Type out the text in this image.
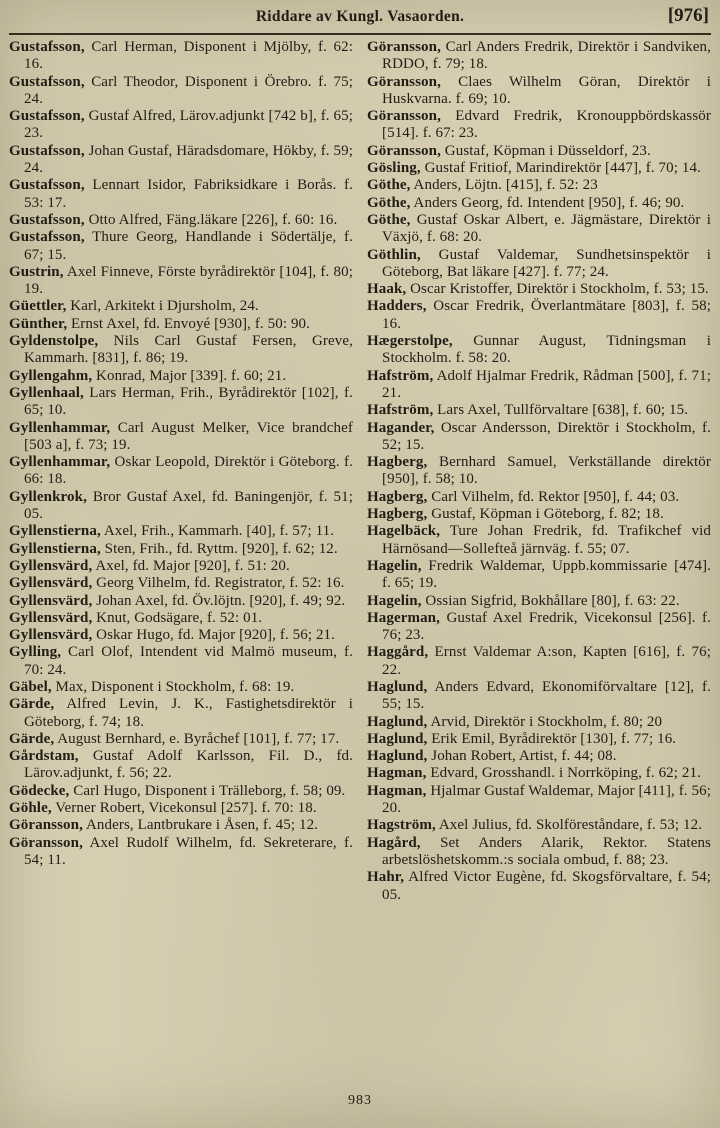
Riddare av Kungl. Vasaorden.	[976]
Gustafsson, Carl Herman, Disponent i Mjölby, f. 62: 16.
Gustafsson, Carl Theodor, Disponent i Örebro. f. 75; 24.
Gustafsson, Gustaf Alfred, Lärov.adjunkt [742 b], f. 65; 23.
Gustafsson, Johan Gustaf, Häradsdomare, Hökby, f. 59; 24.
Gustafsson, Lennart Isidor, Fabriksidkare i Borås. f. 53: 17.
Gustafsson, Otto Alfred, Fäng.läkare [226], f. 60: 16.
Gustafsson, Thure Georg, Handlande i Södertälje, f. 67; 15.
Gustrin, Axel Finneve, Förste byrådirektör [104], f. 80; 19.
Güettler, Karl, Arkitekt i Djursholm, 24.
Günther, Ernst Axel, fd. Envoyé [930], f. 50: 90.
Gyldenstolpe, Nils Carl Gustaf Fersen, Greve, Kammarh. [831], f. 86; 19.
Gyllengahm, Konrad, Major [339]. f. 60; 21.
Gyllenhaal, Lars Herman, Frih., Byrådirektör [102], f. 65; 10.
Gyllenhammar, Carl August Melker, Vice brandchef [503 a], f. 73; 19.
Gyllenhammar, Oskar Leopold, Direktör i Göteborg. f. 66: 18.
Gyllenkrok, Bror Gustaf Axel, fd. Baningenjör, f. 51; 05.
Gyllenstierna, Axel, Frih., Kammarh. [40], f. 57; 11.
Gyllenstierna, Sten, Frih., fd. Ryttm. [920], f. 62; 12.
Gyllensvärd, Axel, fd. Major [920], f. 51: 20.
Gyllensvärd, Georg Vilhelm, fd. Registrator, f. 52: 16.
Gyllensvärd, Johan Axel, fd. Öv.löjtn. [920], f. 49; 92.
Gyllensvärd, Knut, Godsägare, f. 52: 01.
Gyllensvärd, Oskar Hugo, fd. Major [920], f. 56; 21.
Gylling, Carl Olof, Intendent vid Malmö museum, f. 70: 24.
Gäbel, Max, Disponent i Stockholm, f. 68: 19.
Gärde, Alfred Levin, J. K., Fastighetsdirektör i Göteborg, f. 74; 18.
Gärde, August Bernhard, e. Byråchef [101], f. 77; 17.
Gårdstam, Gustaf Adolf Karlsson, Fil. D., fd. Lärov.adjunkt, f. 56; 22.
Gödecke, Carl Hugo, Disponent i Trälleborg, f. 58; 09.
Göhle, Verner Robert, Vicekonsul [257]. f. 70: 18.
Göransson, Anders, Lantbrukare i Åsen, f. 45; 12.
Göransson, Axel Rudolf Wilhelm, fd. Sekreterare, f. 54; 11.
Göransson, Carl Anders Fredrik, Direktör i Sandviken, RDDO, f. 79; 18.
Göransson, Claes Wilhelm Göran, Direktör i Huskvarna. f. 69; 10.
Göransson, Edvard Fredrik, Kronouppbördskassör [514]. f. 67: 23.
Göransson, Gustaf, Köpman i Düsseldorf, 23.
Gösling, Gustaf Fritiof, Marindirektör [447], f. 70; 14.
Göthe, Anders, Löjtn. [415], f. 52: 23
Göthe, Anders Georg, fd. Intendent [950], f. 46; 90.
Göthe, Gustaf Oskar Albert, e. Jägmästare, Direktör i Växjö, f. 68: 20.
Göthlin, Gustaf Valdemar, Sundhetsinspektör i Göteborg, Bat läkare [427]. f. 77; 24.
Haak, Oscar Kristoffer, Direktör i Stockholm, f. 53; 15.
Hadders, Oscar Fredrik, Överlantmätare [803], f. 58; 16.
Hægerstolpe, Gunnar August, Tidningsman i Stockholm. f. 58: 20.
Hafström, Adolf Hjalmar Fredrik, Rådman [500], f. 71; 21.
Hafström, Lars Axel, Tullförvaltare [638], f. 60; 15.
Hagander, Oscar Andersson, Direktör i Stockholm, f. 52; 15.
Hagberg, Bernhard Samuel, Verkställande direktör [950], f. 58; 10.
Hagberg, Carl Vilhelm, fd. Rektor [950], f. 44; 03.
Hagberg, Gustaf, Köpman i Göteborg, f. 82; 18.
Hagelbäck, Ture Johan Fredrik, fd. Trafikchef vid Härnösand—Sollefteå järnväg. f. 55; 07.
Hagelin, Fredrik Waldemar, Uppb.kommissarie [474]. f. 65; 19.
Hagelin, Ossian Sigfrid, Bokhållare [80], f. 63: 22.
Hagerman, Gustaf Axel Fredrik, Vicekonsul [256]. f. 76; 23.
Haggård, Ernst Valdemar A:son, Kapten [616], f. 76; 22.
Haglund, Anders Edvard, Ekonomiförvaltare [12], f. 55; 15.
Haglund, Arvid, Direktör i Stockholm, f. 80; 20
Haglund, Erik Emil, Byrådirektör [130], f. 77; 16.
Haglund, Johan Robert, Artist, f. 44; 08.
Hagman, Edvard, Grosshandl. i Norrköping, f. 62; 21.
Hagman, Hjalmar Gustaf Waldemar, Major [411], f. 56; 20.
Hagström, Axel Julius, fd. Skolföreståndare, f. 53; 12.
Hagård, Set Anders Alarik, Rektor. Statens arbetslöshetskomm.:s sociala ombud, f. 88; 23.
Hahr, Alfred Victor Eugène, fd. Skogsförvaltare, f. 54; 05.
983
